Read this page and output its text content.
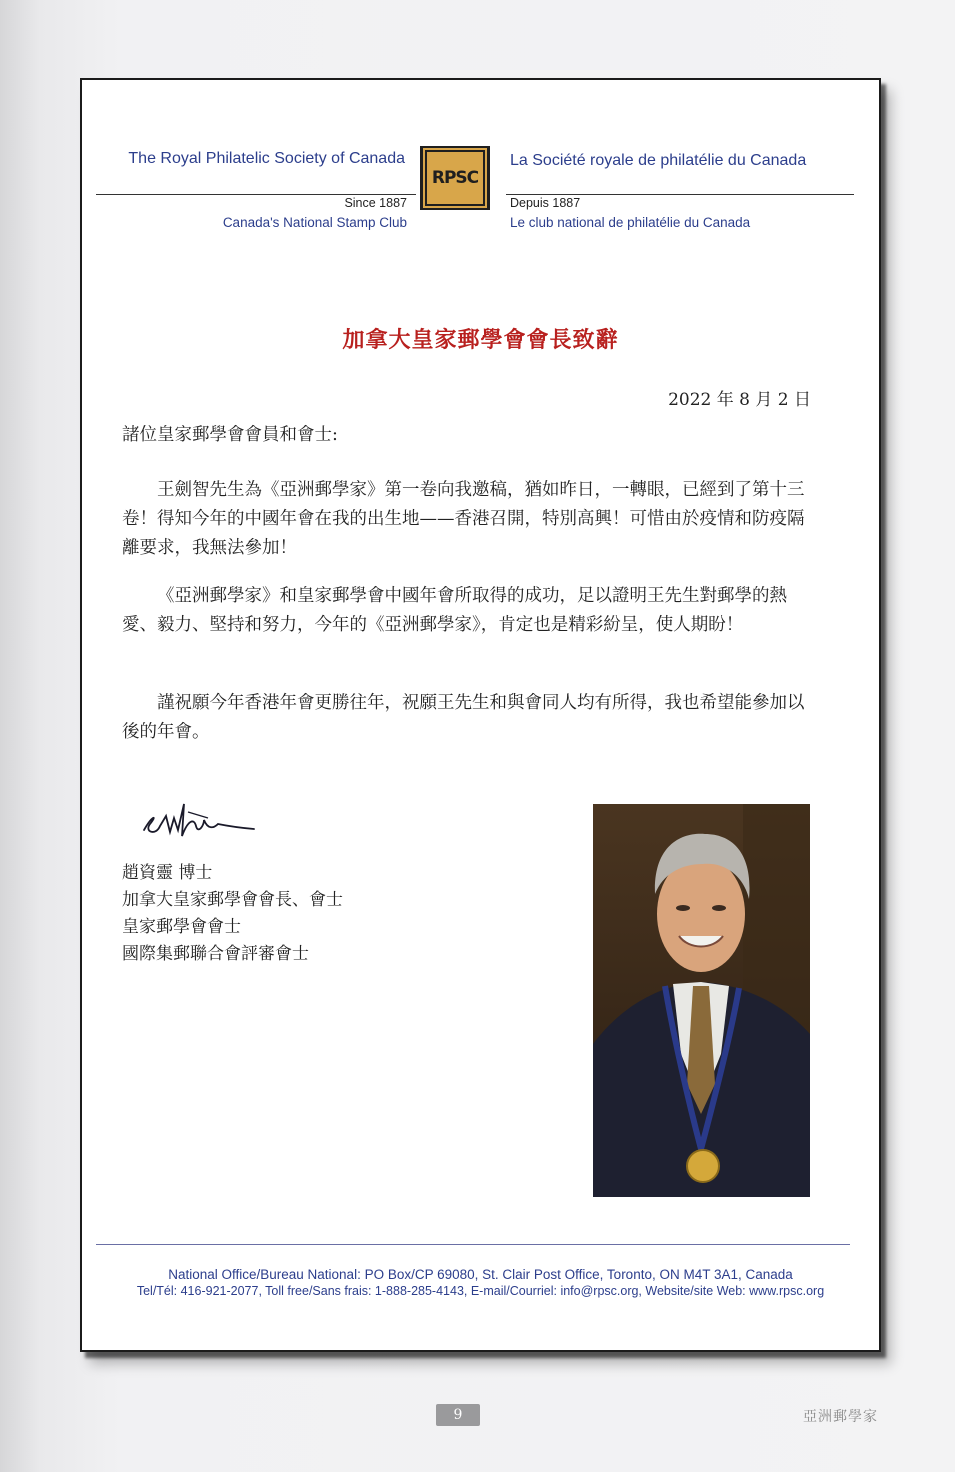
The Royal Philatelic Society of Canada
RPSC
La Société royale de philatélie du Canada
Since 1887
Canada's National Stamp Club
Depuis 1887
Le club national de philatélie du Canada
加拿大皇家郵學會會長致辭
2022 年 8 月 2 日
諸位皇家郵學會會員和會士:
王劍智先生為《亞洲郵學家》第一卷向我邀稿，猶如昨日，一轉眼，已經到了第十三卷！得知今年的中國年會在我的出生地——香港召開，特別高興！可惜由於疫情和防疫隔離要求，我無法參加！
《亞洲郵學家》和皇家郵學會中國年會所取得的成功，足以證明王先生對郵學的熱愛、毅力、堅持和努力，今年的《亞洲郵學家》，肯定也是精彩紛呈，使人期盼！
謹祝願今年香港年會更勝往年，祝願王先生和與會同人均有所得，我也希望能參加以後的年會。
趙資靈 博士
加拿大皇家郵學會會長、會士
皇家郵學會會士
國際集郵聯合會評審會士
National Office/Bureau National: PO Box/CP 69080, St. Clair Post Office, Toronto, ON M4T 3A1, Canada
Tel/Tél: 416-921-2077, Toll free/Sans frais: 1-888-285-4143, E-mail/Courriel: info@rpsc.org, Website/site Web: www.rpsc.org
9	亞洲郵學家
